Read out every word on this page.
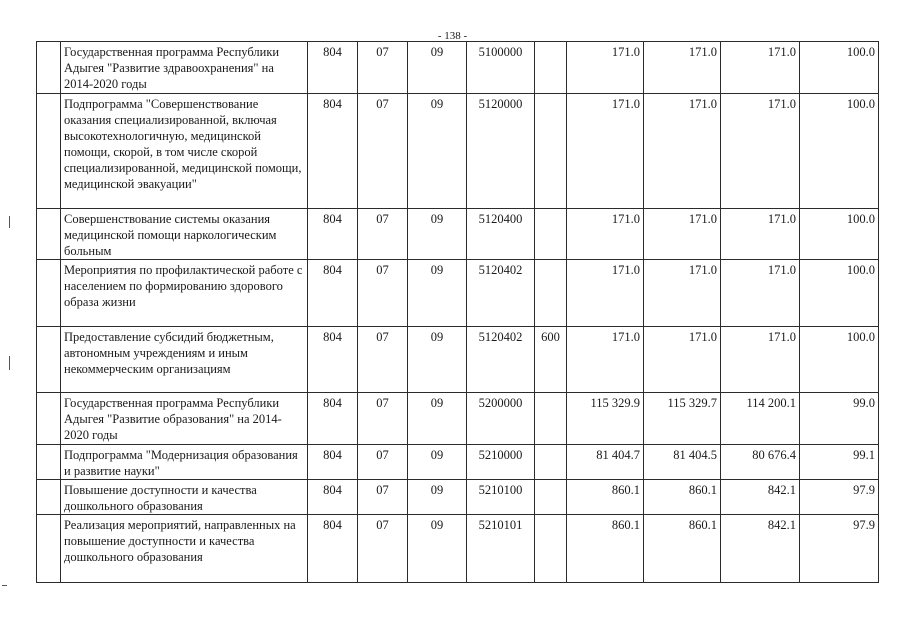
- 138 -
	Государственная программа Республики Адыгея "Развитие здравоохранения" на 2014-2020 годы	804	07	09	5100000		171.0	171.0	171.0	100.0
	Подпрограмма "Совершенствование оказания специализированной, включая высокотехнологичную, медицинской помощи, скорой, в том числе скорой специализированной, медицинской помощи, медицинской эвакуации"	804	07	09	5120000		171.0	171.0	171.0	100.0
	Совершенствование системы оказания медицинской помощи наркологическим больным	804	07	09	5120400		171.0	171.0	171.0	100.0
	Мероприятия по профилактической работе с населением по формированию здорового образа жизни	804	07	09	5120402		171.0	171.0	171.0	100.0
	Предоставление субсидий бюджетным, автономным учреждениям и иным некоммерческим организациям	804	07	09	5120402	600	171.0	171.0	171.0	100.0
	Государственная программа Республики Адыгея "Развитие образования" на 2014-2020 годы	804	07	09	5200000		115 329.9	115 329.7	114 200.1	99.0
	Подпрограмма "Модернизация образования и развитие науки"	804	07	09	5210000		81 404.7	81 404.5	80 676.4	99.1
	Повышение доступности и качества дошкольного образования	804	07	09	5210100		860.1	860.1	842.1	97.9
	Реализация мероприятий, направленных на повышение доступности и качества дошкольного образования	804	07	09	5210101		860.1	860.1	842.1	97.9
